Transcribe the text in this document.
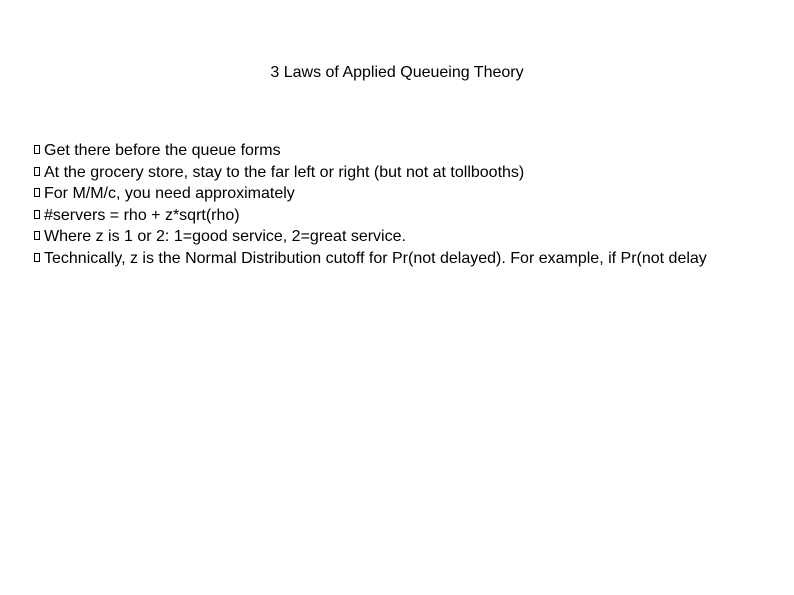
3 Laws of Applied Queueing Theory
Get there before the queue forms
At the grocery store, stay to the far left or right (but not at tollbooths)
For M/M/c, you need approximately
#servers = rho + z*sqrt(rho)
Where z is 1 or 2: 1=good service, 2=great service.
Technically, z is the Normal Distribution cutoff for Pr(not delayed). For example, if Pr(not delay
